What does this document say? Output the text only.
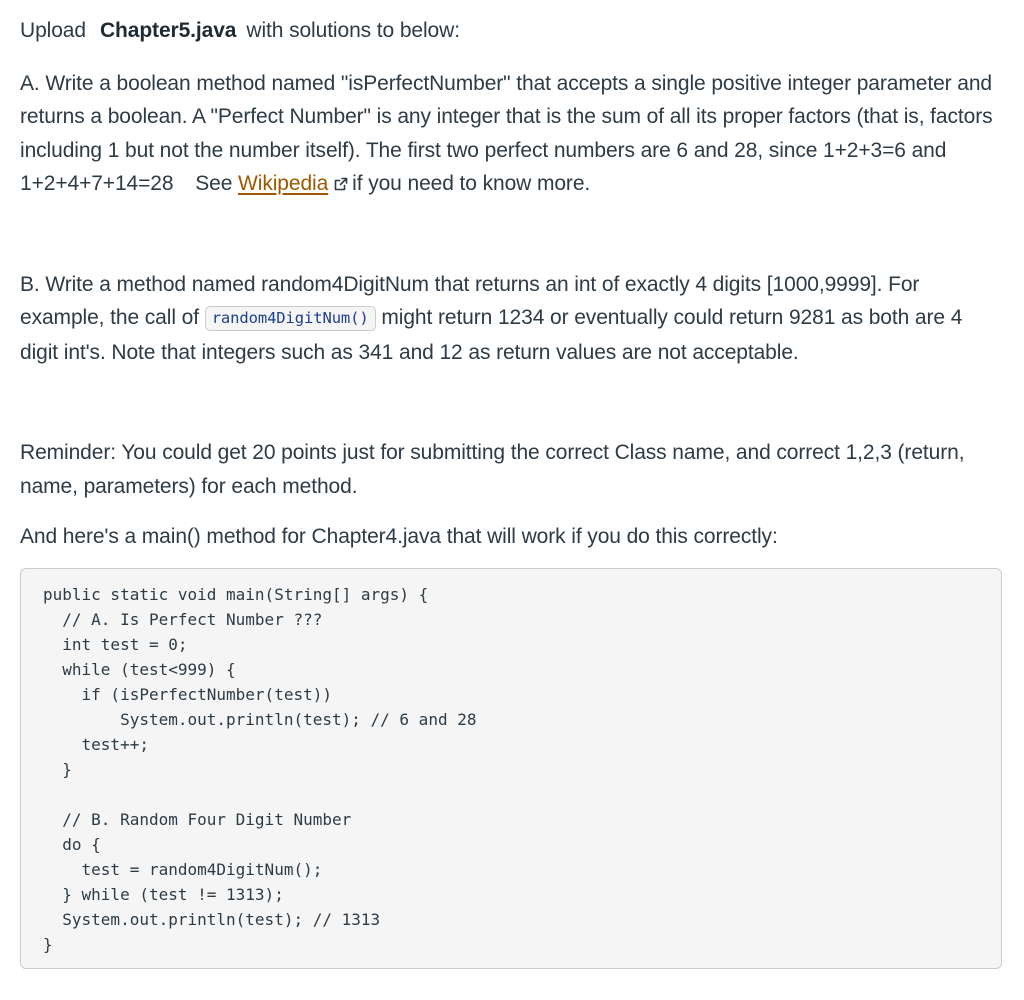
Upload Chapter5.java with solutions to below:

A. Write a boolean method named "isPerfectNumber" that accepts a single positive integer parameter and returns a boolean. A "Perfect Number" is any integer that is the sum of all its proper factors (that is, factors including 1 but not the number itself). The first two perfect numbers are 6 and 28, since 1+2+3=6 and 1+2+4+7+14=28 See Wikipedia if you need to know more.

B. Write a method named random4DigitNum that returns an int of exactly 4 digits [1000,9999]. For example, the call of random4DigitNum() might return 1234 or eventually could return 9281 as both are 4 digit int's. Note that integers such as 341 and 12 as return values are not acceptable.

Reminder: You could get 20 points just for submitting the correct Class name, and correct 1,2,3 (return, name, parameters) for each method.

And here's a main() method for Chapter4.java that will work if you do this correctly:

public static void main(String[] args) {
// A. Is Perfect Number ???
int test = 0;
while (test<999) {
if (isPerfectNumber(test))
System.out.println(test); // 6 and 28
test++;
}

// B. Random Four Digit Number
do {
test = random4DigitNum();
} while (test != 1313);
System.out.println(test); // 1313
}
